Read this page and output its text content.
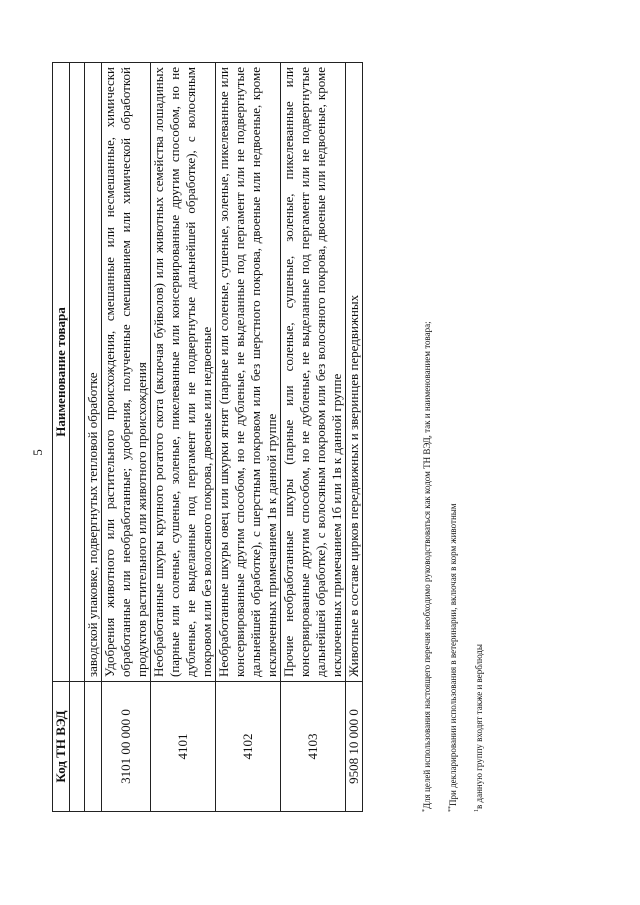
5
Код ТН ВЭД	Наименование товара

	заводской упаковке, подвергнутых тепловой обработке
3101 00 000 0	Удобрения животного или растительного происхождения, смешанные или несмешанные, химически обработанные или необработанные; удобрения, полученные смешиванием или химической обработкой продуктов растительного или животного происхождения
4101	Необработанные шкуры крупного рогатого скота (включая буйволов) или животных семейства лошадиных (парные или соленые, сушеные, золеные, пикелеванные или консервированные другим способом, но не дубленые, не выделанные под пергамент или не подвергнутые дальнейшей обработке), с волосяным покровом или без волосяного покрова, двоеные или недвоеные
4102	Необработанные шкуры овец или шкурки ягнят (парные или соленые, сушеные, золеные, пикелеванные или консервированные другим способом, но не дубленые, не выделанные под пергамент или не подвергнутые дальнейшей обработке), с шерстным покровом или без шерстного покрова, двоеные или недвоеные, кроме исключенных примечанием 1в к данной группе
4103	Прочие необработанные шкуры (парные или соленые, сушеные, золеные, пикелеванные или консервированные другим способом, но не дубленые, не выделанные под пергамент или не подвергнутые дальнейшей обработке), с волосяным покровом или без волосяного покрова, двоеные или недвоеные, кроме исключенных примечанием 1б или 1в к данной группе
9508 10 000 0	Животные в составе цирков передвижных и зверинцев передвижных
*Для целей использования настоящего перечня необходимо руководствоваться как кодом ТН ВЭД, так и наименованием товара;	**При декларировании использования в ветеринарии, включая в корм животным
$^1$в данную группу входят также и верблюды
